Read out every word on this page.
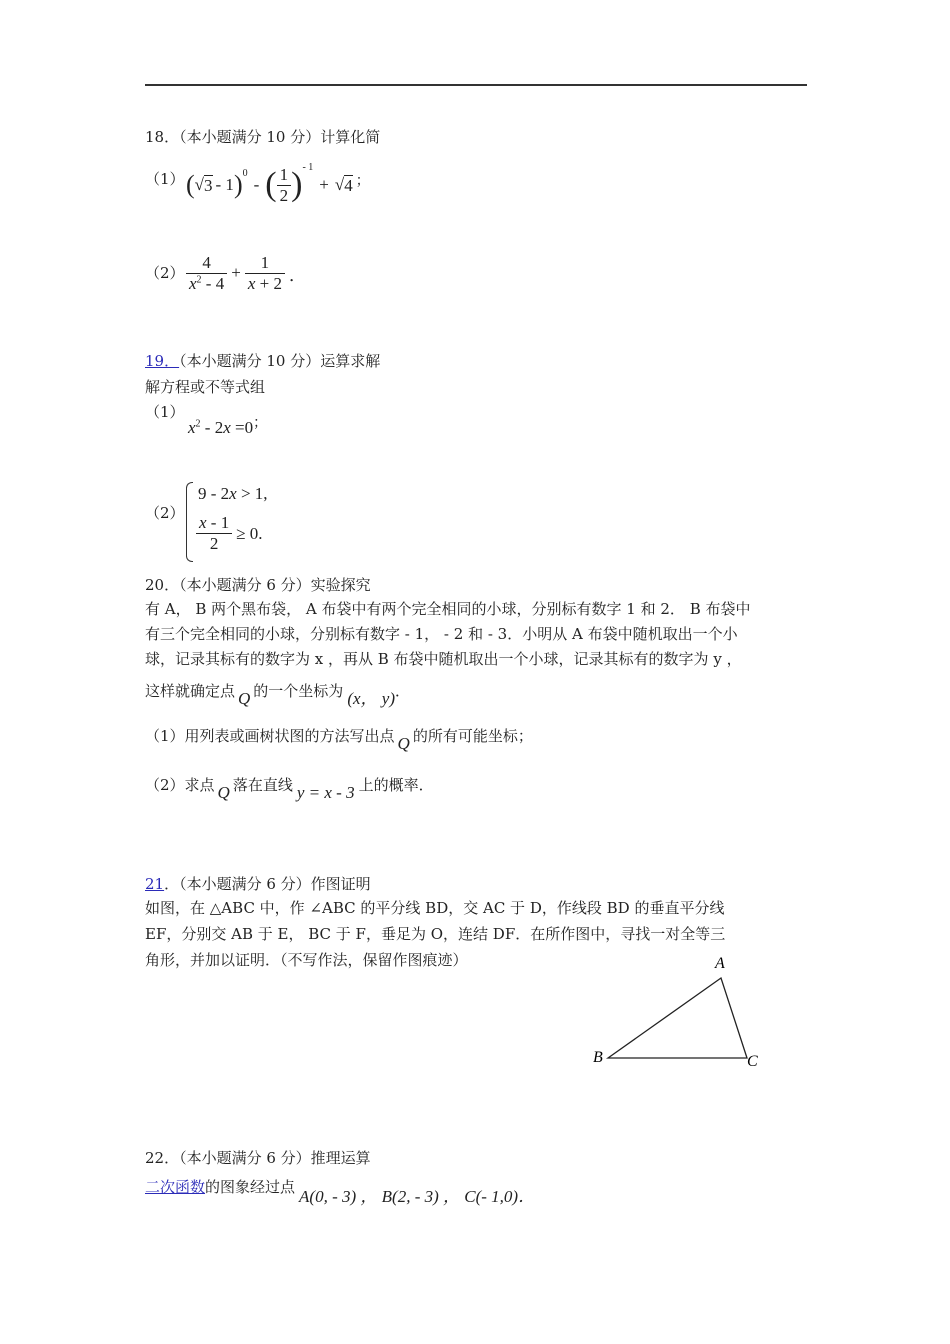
18．（本小题满分 10 分）计算化简
（1） ( √ 3 - 1 )$^0$
- ( $\frac{1}{2} )^{- 1}$
+ √ 4 ；
$(2) \frac{4}{x^2 - 4} + \frac{1}{x + 2}$ ．
19．（本小题满分 10 分）运算求解
解方程或不等式组
（1）
$x^2 - 2x =0^;$
（2）
9 - 2x > 1,
$\frac{x - 1}{2} \ge 0$.
20．（本小题满分 6 分）实验探究
有 A， B 两个黑布袋， A 布袋中有两个完全相同的小球，分别标有数字 1 和 2． B 布袋中
有三个完全相同的小球，分别标有数字 - 1， - 2 和 - 3．小明从 A 布袋中随机取出一个小
球，记录其标有的数字为 x ，再从 B 布袋中随机取出一个小球，记录其标有的数字为 y ，
这样就确定点 Q 的一个坐标为 (x， y)．
（1）用列表或画树状图的方法写出点 Q 的所有可能坐标；
（2）求点 Q 落在直线 y = x - 3 上的概率．
21．（本小题满分 6 分）作图证明
如图，在 △ABC 中，作 ∠ABC 的平分线 BD，交 AC 于 D，作线段 BD 的垂直平分线
EF，分别交 AB 于 E， BC 于 F，垂足为 O，连结 DF．在所作图中，寻找一对全等三
角形，并加以证明．（不写作法，保留作图痕迹）	A
B	C
22．（本小题满分 6 分）推理运算
二次函数的图象经过点 A(0, - 3) ， B(2, - 3) ， C(- 1,0)．
